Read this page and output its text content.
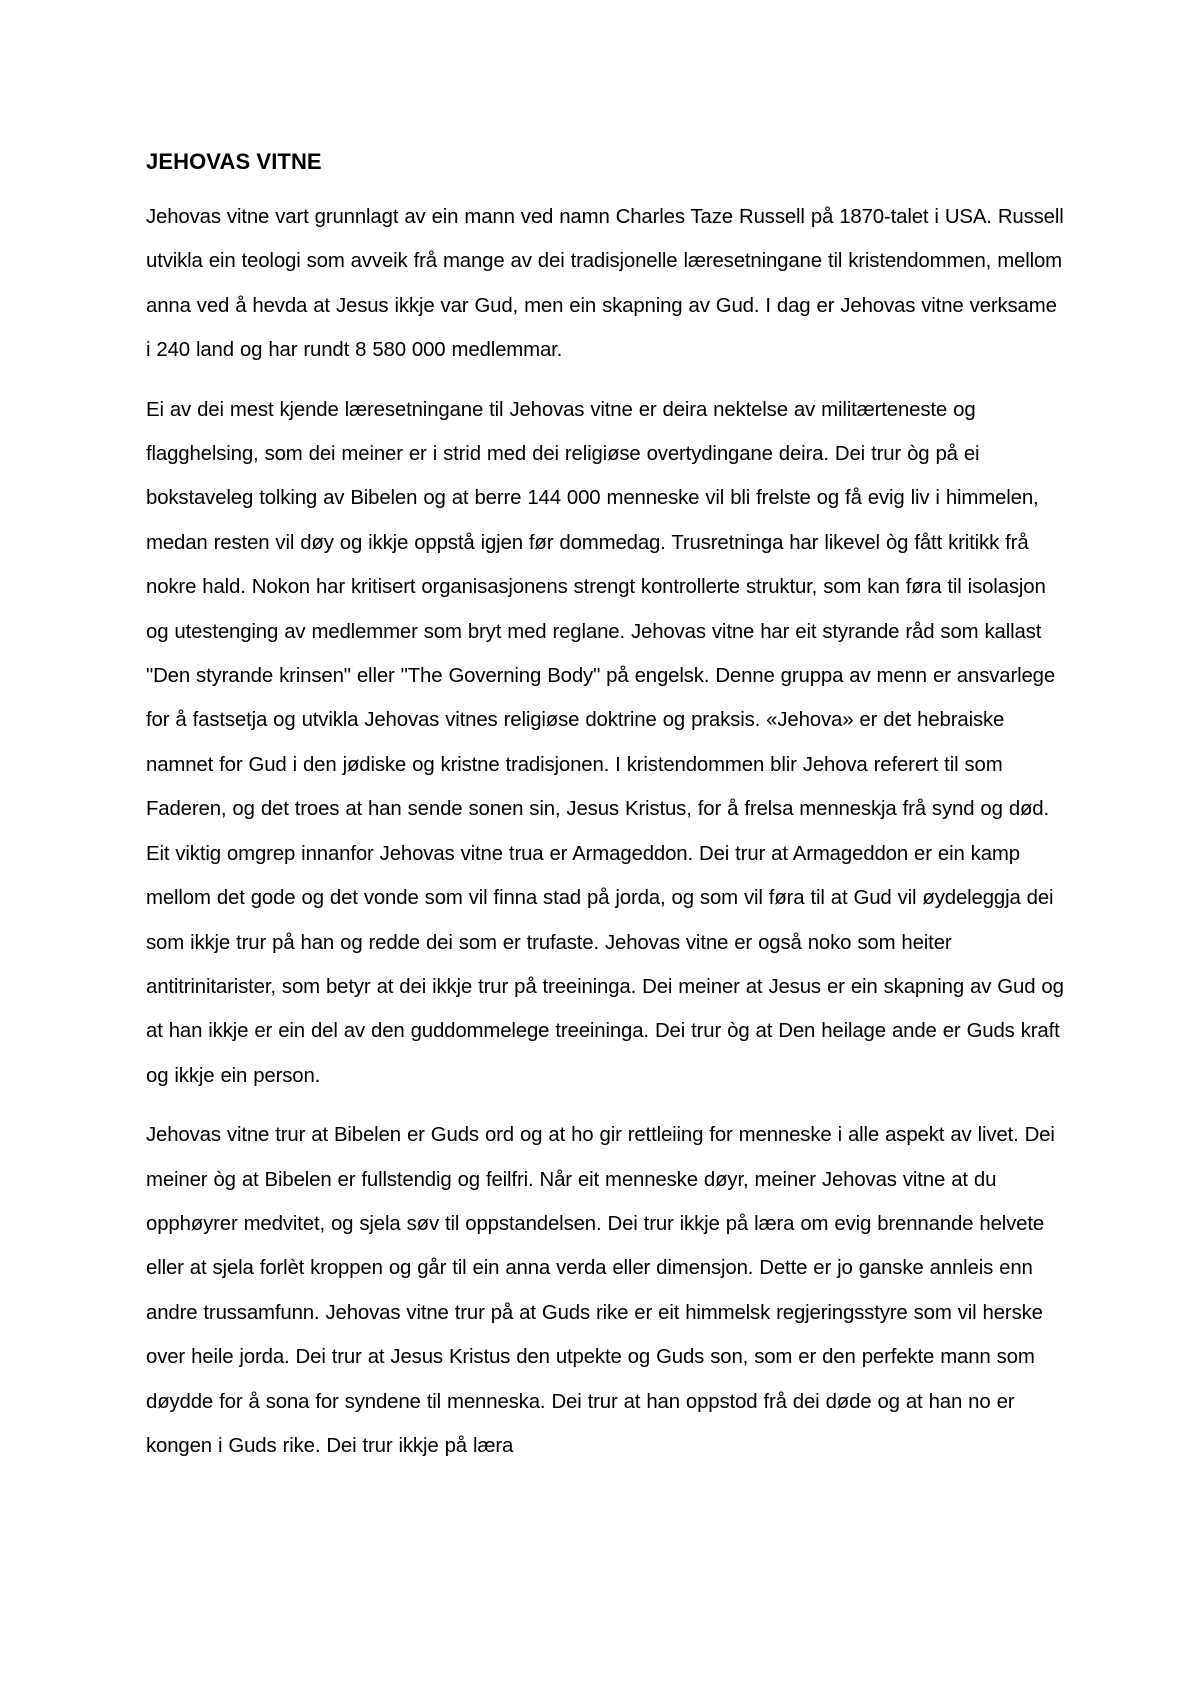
JEHOVAS VITNE

Jehovas vitne vart grunnlagt av ein mann ved namn Charles Taze Russell på 1870-talet i USA. Russell utvikla ein teologi som avveik frå mange av dei tradisjonelle læresetningane til kristendommen, mellom anna ved å hevda at Jesus ikkje var Gud, men ein skapning av Gud. I dag er Jehovas vitne verksame i 240 land og har rundt 8 580 000 medlemmar.

Ei av dei mest kjende læresetningane til Jehovas vitne er deira nektelse av militærteneste og flagghelsing, som dei meiner er i strid med dei religiøse overtydingane deira. Dei trur òg på ei bokstaveleg tolking av Bibelen og at berre 144 000 menneske vil bli frelste og få evig liv i himmelen, medan resten vil døy og ikkje oppstå igjen før dommedag. Trusretninga har likevel òg fått kritikk frå nokre hald. Nokon har kritisert organisasjonens strengt kontrollerte struktur, som kan føra til isolasjon og utestenging av medlemmer som bryt med reglane. Jehovas vitne har eit styrande råd som kallast "Den styrande krinsen" eller "The Governing Body" på engelsk. Denne gruppa av menn er ansvarlege for å fastsetja og utvikla Jehovas vitnes religiøse doktrine og praksis. «Jehova» er det hebraiske namnet for Gud i den jødiske og kristne tradisjonen. I kristendommen blir Jehova referert til som Faderen, og det troes at han sende sonen sin, Jesus Kristus, for å frelsa menneskja frå synd og død. Eit viktig omgrep innanfor Jehovas vitne trua er Armageddon. Dei trur at Armageddon er ein kamp mellom det gode og det vonde som vil finna stad på jorda, og som vil føra til at Gud vil øydeleggja dei som ikkje trur på han og redde dei som er trufaste. Jehovas vitne er også noko som heiter antitrinitarister, som betyr at dei ikkje trur på treeininga. Dei meiner at Jesus er ein skapning av Gud og at han ikkje er ein del av den guddommelege treeininga. Dei trur òg at Den heilage ande er Guds kraft og ikkje ein person.

Jehovas vitne trur at Bibelen er Guds ord og at ho gir rettleiing for menneske i alle aspekt av livet. Dei meiner òg at Bibelen er fullstendig og feilfri. Når eit menneske døyr, meiner Jehovas vitne at du opphøyrer medvitet, og sjela søv til oppstandelsen. Dei trur ikkje på læra om evig brennande helvete eller at sjela forlèt kroppen og går til ein anna verda eller dimensjon. Dette er jo ganske annleis enn andre trussamfunn. Jehovas vitne trur på at Guds rike er eit himmelsk regjeringsstyre som vil herske over heile jorda. Dei trur at Jesus Kristus den utpekte og Guds son, som er den perfekte mann som døydde for å sona for syndene til menneska. Dei trur at han oppstod frå dei døde og at han no er kongen i Guds rike. Dei trur ikkje på læra
